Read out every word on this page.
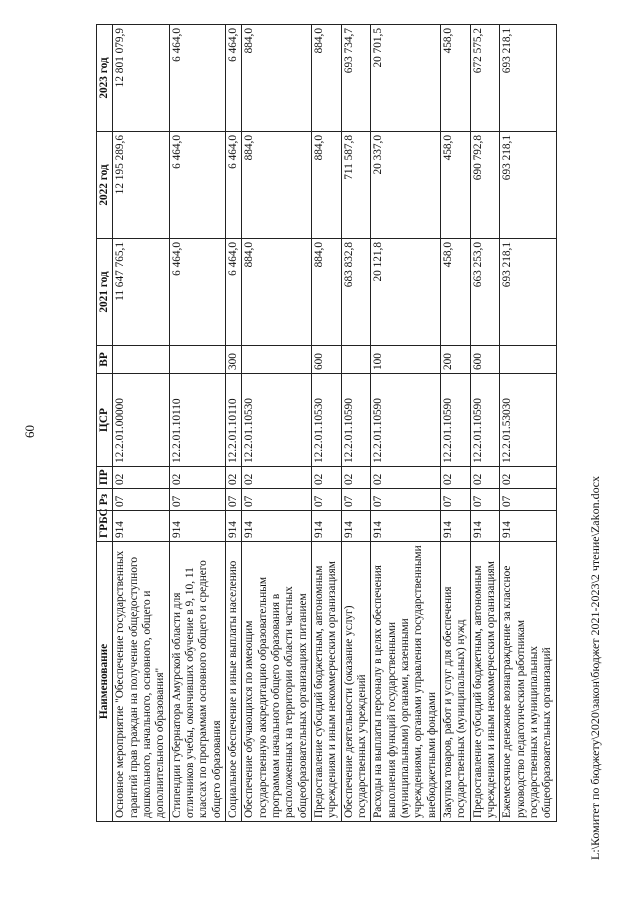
60
Наименование	ГРБС	Рз	ПР	ЦСР	ВР	2021 год	2022 год	2023 год
Основное мероприятие "Обеспечение государственных гарантий прав граждан на получение общедоступного дошкольного, начального, основного, общего и дополнительного образования"	914	07	02	12.2.01.00000		11 647 765,1	12 195 289,6	12 801 079,9
Стипендии губернатора Амурской области для отличников учебы, окончивших обучение в 9, 10, 11 классах по программам основного общего и среднего общего образования	914	07	02	12.2.01.10110		6 464,0	6 464,0	6 464,0
Социальное обеспечение и иные выплаты населению	914	07	02	12.2.01.10110	300	6 464,0	6 464,0	6 464,0
Обеспечение обучающихся по имеющим государственную аккредитацию образовательным программам начального общего образования в расположенных на территории области частных общеобразовательных организациях питанием	914	07	02	12.2.01.10530		884,0	884,0	884,0
Предоставление субсидий бюджетным, автономным учреждениям и иным некоммерческим организациям	914	07	02	12.2.01.10530	600	884,0	884,0	884,0
Обеспечение деятельности (оказание услуг) государственных учреждений	914	07	02	12.2.01.10590		683 832,8	711 587,8	693 734,7
Расходы на выплаты персоналу в целях обеспечения выполнения функций государственными (муниципальными) органами, казенными учреждениями, органами управления государственными внебюджетными фондами	914	07	02	12.2.01.10590	100	20 121,8	20 337,0	20 701,5
Закупка товаров, работ и услуг для обеспечения государственных (муниципальных) нужд	914	07	02	12.2.01.10590	200	458,0	458,0	458,0
Предоставление субсидий бюджетным, автономным учреждениям и иным некоммерческим организациям	914	07	02	12.2.01.10590	600	663 253,0	690 792,8	672 575,2
Ежемесячное денежное вознаграждение за классное руководство педагогическим работникам государственных и муниципальных общеобразовательных организаций	914	07	02	12.2.01.53030		693 218,1	693 218,1	693 218,1
L:\Комитет по бюджету\2020\закон\бюджет 2021-2023\2 чтение\Zakon.docx
